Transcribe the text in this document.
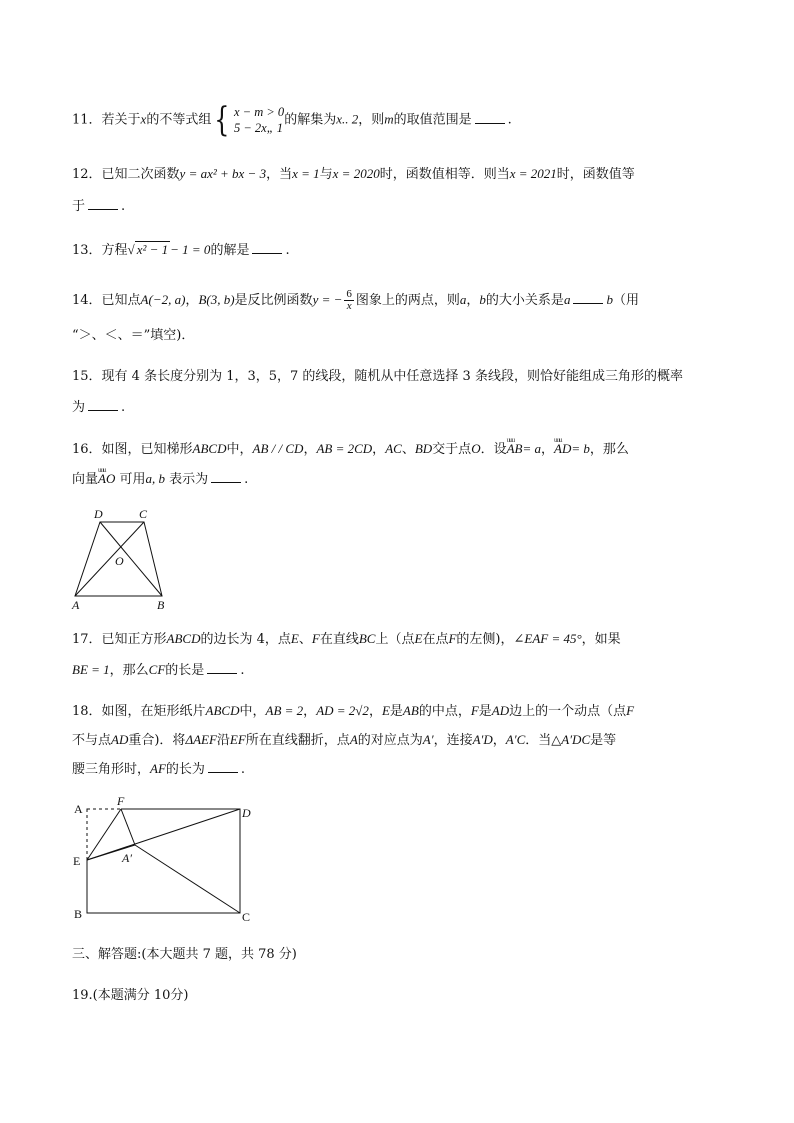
11．若关于x的不等式组 { x − m > 0
5 − 2x„ 1
的解集为x.. 2，则m的取值范围是	.
12．已知二次函数y = ax² + bx − 3，当x = 1与x = 2020时，函数值相等．则当x = 2021时，函数值等
于	.
13．方程√ x² − 1 − 1 = 0的解是	.
14．已知点A(−2, a)，B(3, b)是反比例函数y = − $\frac{6}{x}$ 图象上的两点，则a，b的大小关系是a	b（用
“＞、＜、＝”填空)．
15．现有 4 条长度分别为 1，3，5，7 的线段，随机从中任意选择 3 条线段，则恰好能组成三角形的概率
为	.
16．如图，已知梯形ABCD中，AB / / CD，AB = 2CD，AC、BD交于点O．设uuu AB= a，uuu AD= b，那么
向量uuu AO 可用a, b 表示为	.
D	C
O
A	B
17．已知正方形ABCD的边长为 4，点E、F在直线BC上（点E在点F的左侧)，∠EAF = 45°，如果
BE = 1，那么CF的长是	.
18．如图，在矩形纸片ABCD中，AB = 2，AD = 2√2，E是AB的中点，F是AD边上的一个动点（点F
不与点AD重合)．将ΔAEF沿EF所在直线翻折，点A的对应点为A′，连接A′D，A′C．当△A′DC是等
腰三角形时，AF的长为	.
A
F
D
E	A′
B	C
三、解答题:(本大题共 7 题，共 78 分)
19.(本题满分 10分)
